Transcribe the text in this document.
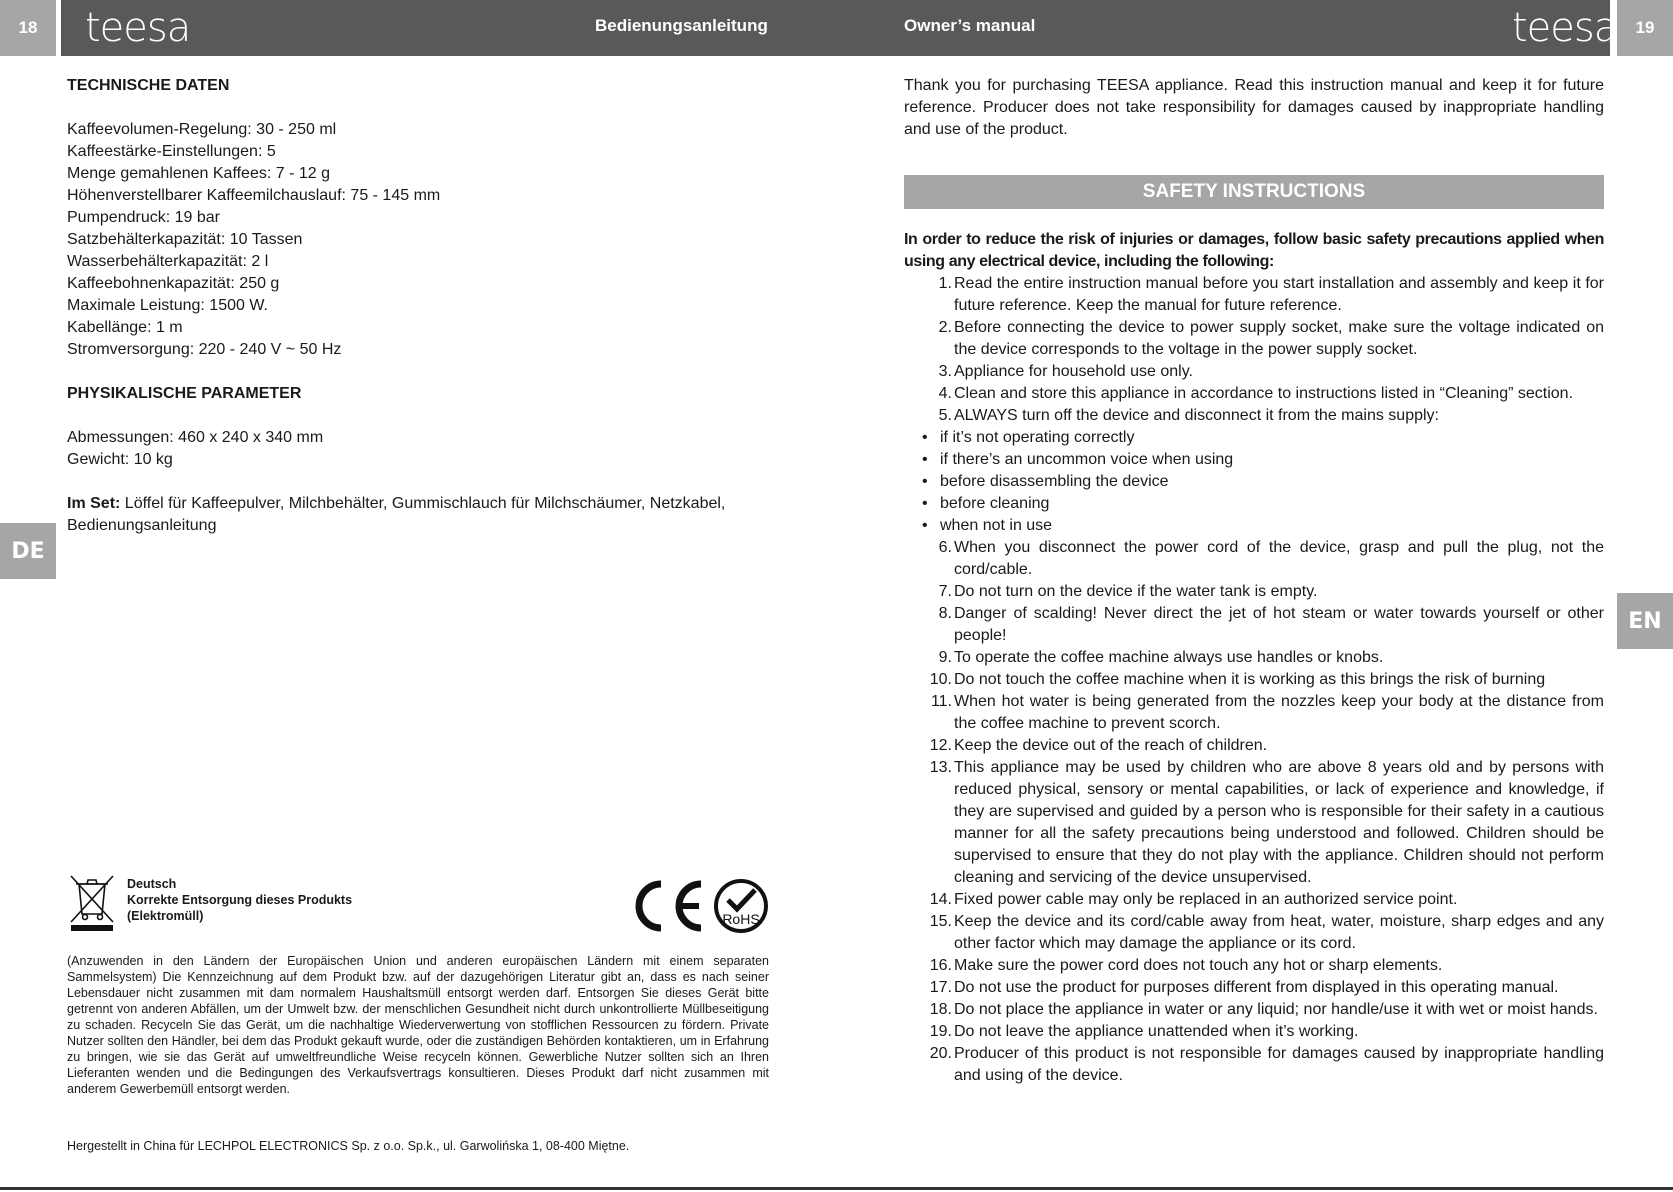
18	19
teesa	teesa
Bedienungsanleitung	Owner’s manual
DE
EN

TECHNISCHE DATEN

Kaffeevolumen-Regelung: 30 - 250 ml

Kaffeestärke-Einstellungen: 5

Menge gemahlenen Kaffees: 7 - 12 g

Höhenverstellbarer Kaffeemilchauslauf: 75 - 145 mm

Pumpendruck: 19 bar

Satzbehälterkapazität: 10 Tassen

Wasserbehälterkapazität: 2 l

Kaffeebohnenkapazität: 250 g

Maximale Leistung: 1500 W.

Kabellänge: 1 m

Stromversorgung: 220 - 240 V ~ 50 Hz

PHYSIKALISCHE PARAMETER

Abmessungen: 460 x 240 x 340 mm

Gewicht: 10 kg

Im Set: Löffel für Kaffeepulver, Milchbehälter, Gummischlauch für Milchschäumer, Netzkabel, Bedienungsanleitung

Deutsch
Korrekte Entsorgung dieses Produkts
(Elektromüll)	RoHS

(Anzuwenden in den Ländern der Europäischen Union und anderen europäischen Ländern mit einem separaten Sammelsystem) Die Kennzeichnung auf dem Produkt bzw. auf der dazugehörigen Literatur gibt an, dass es nach seiner Lebensdauer nicht zusammen mit dam normalem Haushaltsmüll entsorgt werden darf. Entsorgen Sie dieses Gerät bitte getrennt von anderen Abfällen, um der Umwelt bzw. der menschlichen Gesundheit nicht durch unkontrollierte Müllbeseitigung zu schaden. Recyceln Sie das Gerät, um die nachhaltige Wiederverwertung von stofflichen Ressourcen zu fördern. Private Nutzer sollten den Händler, bei dem das Produkt gekauft wurde, oder die zuständigen Behörden kontaktieren, um in Erfahrung zu bringen, wie sie das Gerät auf umweltfreundliche Weise recyceln können. Gewerbliche Nutzer sollten sich an Ihren Lieferanten wenden und die Bedingungen des Verkaufsvertrags konsultieren. Dieses Produkt darf nicht zusammen mit anderem Gewerbemüll entsorgt werden.

Hergestellt in China für LECHPOL ELECTRONICS Sp. z o.o. Sp.k., ul. Garwolińska 1, 08-400 Miętne.

Thank you for purchasing TEESA appliance. Read this instruction manual and keep it for future reference. Producer does not take responsibility for damages caused by inappropriate handling and use of the product.

SAFETY INSTRUCTIONS

In order to reduce the risk of injuries or damages, follow basic safety precautions applied when using any electrical device, including the following:

1. Read the entire instruction manual before you start installation and assembly and keep it for future reference. Keep the manual for future reference.
2. Before connecting the device to power supply socket, make sure the voltage indicated on the device corresponds to the voltage in the power supply socket.
3. Appliance for household use only.
4. Clean and store this appliance in accordance to instructions listed in “Cleaning” section.
5. ALWAYS turn off the device and disconnect it from the mains supply:
• if it’s not operating correctly
• if there’s an uncommon voice when using
• before disassembling the device
• before cleaning
• when not in use
6. When you disconnect the power cord of the device, grasp and pull the plug, not the cord/cable.
7. Do not turn on the device if the water tank is empty.
8. Danger of scalding! Never direct the jet of hot steam or water towards yourself or other people!
9. To operate the coffee machine always use handles or knobs.
10. Do not touch the coffee machine when it is working as this brings the risk of burning
11. When hot water is being generated from the nozzles keep your body at the distance from the coffee machine to prevent scorch.
12. Keep the device out of the reach of children.
13. This appliance may be used by children who are above 8 years old and by persons with reduced physical, sensory or mental capabilities, or lack of experience and knowledge, if they are supervised and guided by a person who is responsible for their safety in a cautious manner for all the safety precautions being understood and followed. Children should be supervised to ensure that they do not play with the appliance. Children should not perform cleaning and servicing of the device unsupervised.
14. Fixed power cable may only be replaced in an authorized service point.
15. Keep the device and its cord/cable away from heat, water, moisture, sharp edges and any other factor which may damage the appliance or its cord.
16. Make sure the power cord does not touch any hot or sharp elements.
17. Do not use the product for purposes different from displayed in this operating manual.
18. Do not place the appliance in water or any liquid; nor handle/use it with wet or moist hands.
19. Do not leave the appliance unattended when it’s working.
20. Producer of this product is not responsible for damages caused by inappropriate handling and using of the device.
